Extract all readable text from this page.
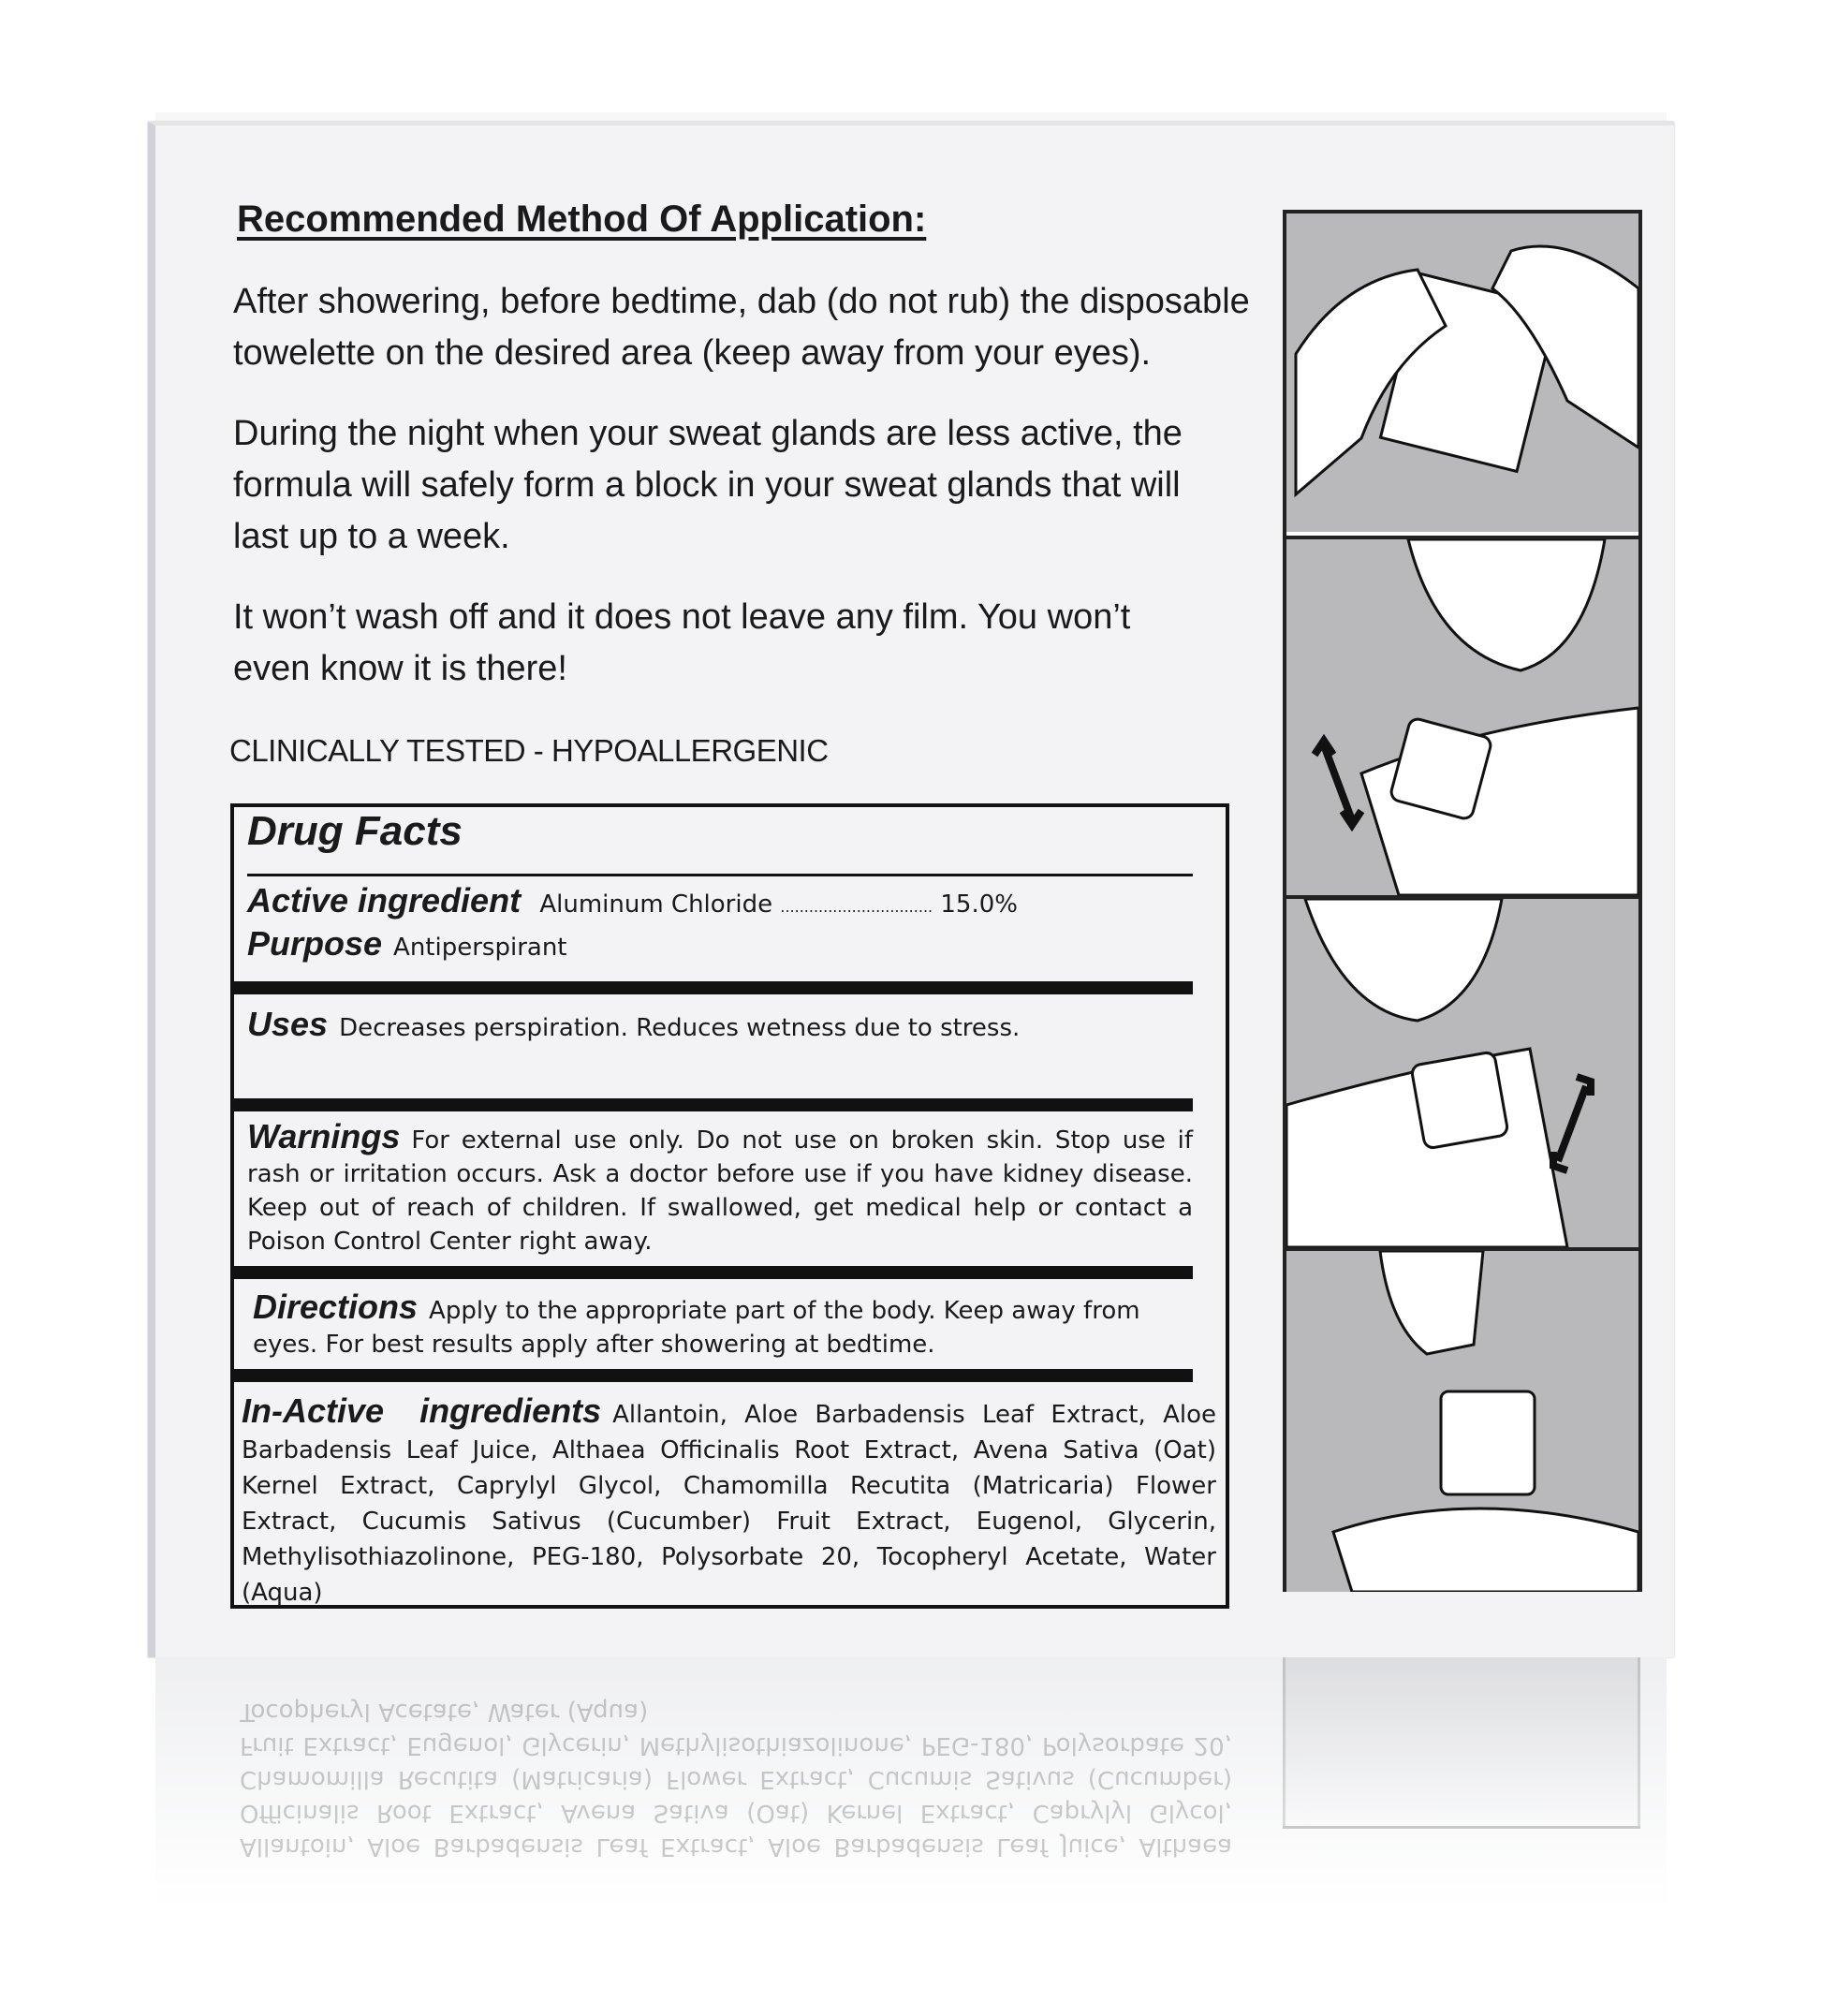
Recommended Method Of Application:
After showering, before bedtime, dab (do not rub) the disposable towelette on the desired area (keep away from your eyes).
During the night when your sweat glands are less active, the formula will safely form a block in your sweat glands that will last up to a week.
It won’t wash off and it does not leave any film. You won’t even know it is there!
CLINICALLY TESTED - HYPOALLERGENIC
Drug Facts
Active ingredient Aluminum Chloride ................................ 15.0%
Purpose Antiperspirant
Uses Decreases perspiration. Reduces wetness due to stress.
Warnings For external use only. Do not use on broken skin. Stop use if rash or irritation occurs. Ask a doctor before use if you have kidney disease. Keep out of reach of children. If swallowed, get medical help or contact a Poison Control Center right away.
Directions Apply to the appropriate part of the body. Keep away from eyes. For best results apply after showering at bedtime.
In-Active ingredients Allantoin, Aloe Barbadensis Leaf Extract, Aloe Barbadensis Leaf Juice, Althaea Officinalis Root Extract, Avena Sativa (Oat) Kernel Extract, Caprylyl Glycol, Chamomilla Recutita (Matricaria) Flower Extract, Cucumis Sativus (Cucumber) Fruit Extract, Eugenol, Glycerin, Methylisothiazolinone, PEG-180, Polysorbate 20, Tocopheryl Acetate, Water (Aqua)
Allantoin, Aloe Barbadensis Leaf Extract, Aloe Barbadensis Leaf Juice, Althaea Officinalis Root Extract, Avena Sativa (Oat) Kernel Extract, Caprylyl Glycol, Chamomilla Recutita (Matricaria) Flower Extract, Cucumis Sativus (Cucumber) Fruit Extract, Eugenol, Glycerin, Methylisothiazolinone, PEG-180, Polysorbate 20, Tocopheryl Acetate, Water (Aqua)
